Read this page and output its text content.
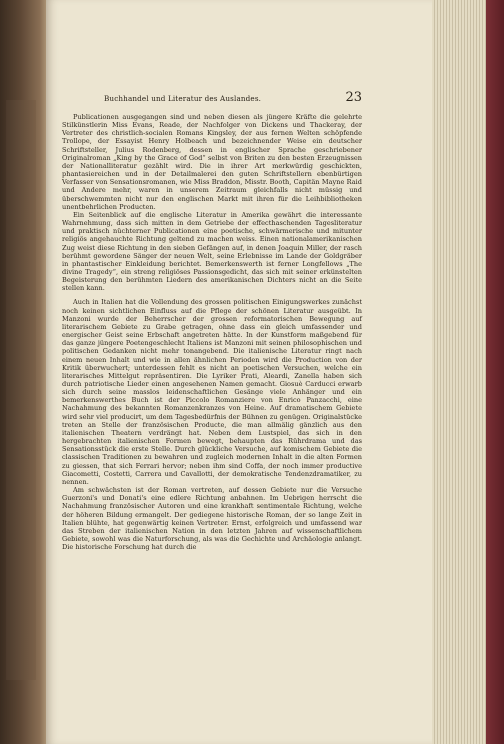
Buchhandel und Literatur des Auslandes.	23

Publicationen ausgegangen sind und neben diesen als jüngere Kräfte die gelehrte Stilkünstlerin Miss Evans, Reade, der Nachfolger von Dickens und Thackeray, der Vertreter des christlich-socialen Romans Kingsley, der aus fernen Welten schöpfende Trollope, der Essayist Henry Holbeach und bezeichnender Weise ein deutscher Schriftsteller, Julius Rodenberg, dessen in englischer Sprache geschriebener Originalroman „King by the Grace of God“ selbst von Briten zu den besten Erzeugnissen der Nationalliteratur gezählt wird. Die in ihrer Art merkwürdig geschickten, phantasiereichen und in der Detailmalerei den guten Schriftstellern ebenbürtigen Verfasser von Sensationsromanen, wie Miss Braddon, Misstr. Booth, Capitän Mayne Raid und Andere mehr, waren in unserem Zeitraum gleichfalls nicht müssig und überschwemmten nicht nur den englischen Markt mit ihren für die Leihbibliotheken unentbehrlichen Producten.

Ein Seitenblick auf die englische Literatur in Amerika gewährt die interessante Wahrnehmung, dass sich mitten in dem Getriebe der effecthaschenden Tagesliteratur und praktisch nüchterner Publicationen eine poetische, schwärmerische und mitunter religiös angehauchte Richtung geltend zu machen weiss. Einen nationalamerikanischen Zug weist diese Richtung in den sieben Gefängen auf, in denen Joaquin Miller, der rasch berühmt gewordene Sänger der neuen Welt, seine Erlebnisse im Lande der Goldgräber in phantastischer Einkleidung berichtet. Bemerkenswerth ist ferner Longfellows „The divine Tragedy“, ein streng religiöses Passionsgedicht, das sich mit seiner erkünstelten Begeisterung den berühmten Liedern des amerikanischen Dichters nicht an die Seite stellen kann.

Auch in Italien hat die Vollendung des grossen politischen Einigungswerkes zunächst noch keinen sichtlichen Einfluss auf die Pflege der schönen Literatur ausgeübt. In Manzoni wurde der Beherrscher der grossen reformatorischen Bewegung auf literarischem Gebiete zu Grabe getragen, ohne dass ein gleich umfassender und energischer Geist seine Erbschaft angetreten hätte. In der Kunstform maßgebend für das ganze jüngere Poetengeschlecht Italiens ist Manzoni mit seinen philosophischen und politischen Gedanken nicht mehr tonangebend. Die italienische Literatur ringt nach einem neuen Inhalt und wie in allen ähnlichen Perioden wird die Production von der Kritik überwuchert; unterdessen fehlt es nicht an poetischen Versuchen, welche ein literarisches Mittelgut repräsentiren. Die Lyriker Prati, Aleardi, Zanella haben sich durch patriotische Lieder einen angesehenen Namen gemacht. Giosuè Carducci erwarb sich durch seine masslos leidenschaftlichen Gesänge viele Anhänger und ein bemerkenswerthes Buch ist der Piccolo Romanziere von Enrico Panzacchi, eine Nachahmung des bekannten Romanzenkranzes von Heine. Auf dramatischem Gebiete wird sehr viel producirt, um dem Tagesbedürfnis der Bühnen zu genügen. Originalstücke treten an Stelle der französischen Producte, die man allmälig gänzlich aus den italienischen Theatern verdrängt hat. Neben dem Lustspiel, das sich in den hergebrachten italienischen Formen bewegt, behaupten das Rührdrama und das Sensationsstück die erste Stelle. Durch glückliche Versuche, auf komischem Gebiete die classischen Traditionen zu bewahren und zugleich modernen Inhalt in die alten Formen zu giessen, that sich Ferrari hervor; neben ihm sind Coffa, der noch immer productive Giacometti, Costetti, Carrera und Cavallotti, der demokratische Tendenzdramatiker, zu nennen.

Am schwächsten ist der Roman vertreten, auf dessen Gebiete nur die Versuche Guerzoni's und Donati's eine edlere Richtung anbahnen. Im Uebrigen herrscht die Nachahmung französischer Autoren und eine krankhaft sentimentale Richtung, welche der höheren Bildung ermangelt. Der gediegene historische Roman, der so lange Zeit in Italien blühte, hat gegenwärtig keinen Vertreter. Ernst, erfolgreich und umfassend war das Streben der italienischen Nation in den letzten Jahren auf wissenschaftlichem Gebiete, sowohl was die Naturforschung, als was die Gechichte und Archäologie anlangt. Die historische Forschung hat durch die
